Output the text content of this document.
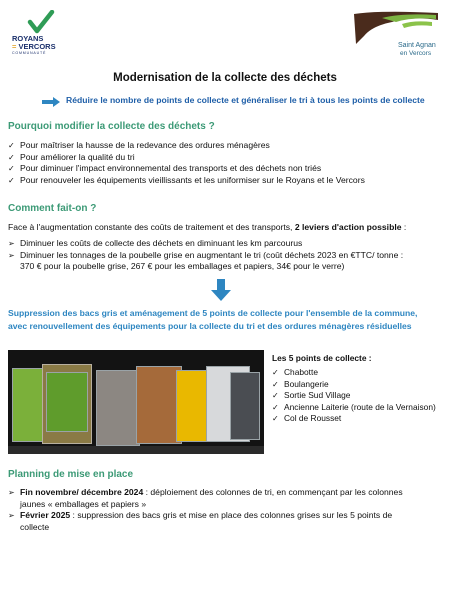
ROYANS
= VERCORS
COMMUNAUTÉ
Saint Agnan
en Vercors
Modernisation de la collecte des déchets
Réduire le nombre de points de collecte et généraliser le tri à tous les points de collecte
Pourquoi modifier la collecte des déchets ?
✓ Pour maîtriser la hausse de la redevance des ordures ménagères
✓ Pour améliorer la qualité du tri
✓ Pour diminuer l'impact environnemental des transports et des déchets non triés
✓ Pour renouveler les équipements vieillissants et les uniformiser sur le Royans et le Vercors
Comment fait-on ?
Face à l'augmentation constante des coûts de traitement et des transports, 2 leviers d'action possible :
➢ Diminuer les coûts de collecte des déchets en diminuant les km parcourus
➢ Diminuer les tonnages de la poubelle grise en augmentant le tri (coût déchets 2023 en €TTC/ tonne :
370 € pour la poubelle grise, 267 € pour les emballages et papiers, 34€ pour le verre)
Suppression des bacs gris et aménagement de 5 points de collecte pour l'ensemble de la commune,
avec renouvellement des équipements pour la collecte du tri et des ordures ménagères résiduelles
Les 5 points de collecte :
✓ Chabotte
✓ Boulangerie
✓ Sortie Sud Village
✓ Ancienne Laiterie (route de la Vernaison)
✓ Col de Rousset
Planning de mise en place
➢ Fin novembre/ décembre 2024 : déploiement des colonnes de tri, en commençant par les colonnes
jaunes « emballages et papiers »
➢ Février 2025 : suppression des bacs gris et mise en place des colonnes grises sur les 5 points de
collecte
